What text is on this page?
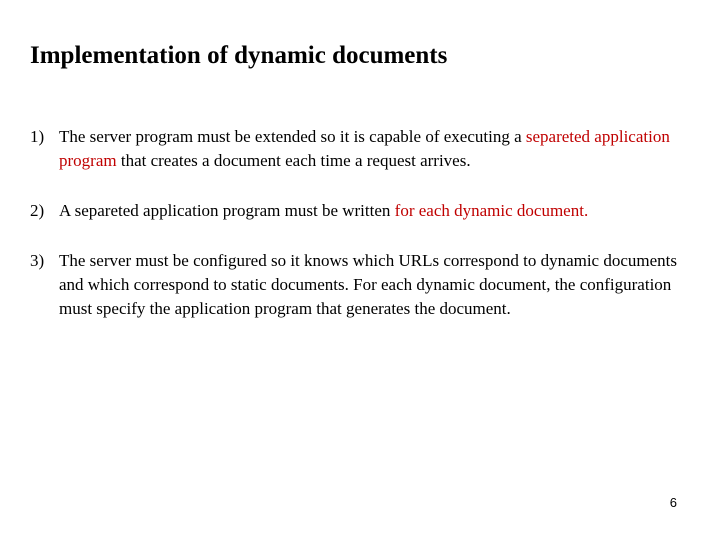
Implementation of dynamic documents
1) The server program must be extended so it is capable of executing a separeted application program that creates a document each time a request arrives.
2) A separeted application program must be written for each dynamic document.
3) The server must be configured so it knows which URLs correspond to dynamic documents and which correspond to static documents. For each dynamic document, the configuration must specify the application program that generates the document.
6
